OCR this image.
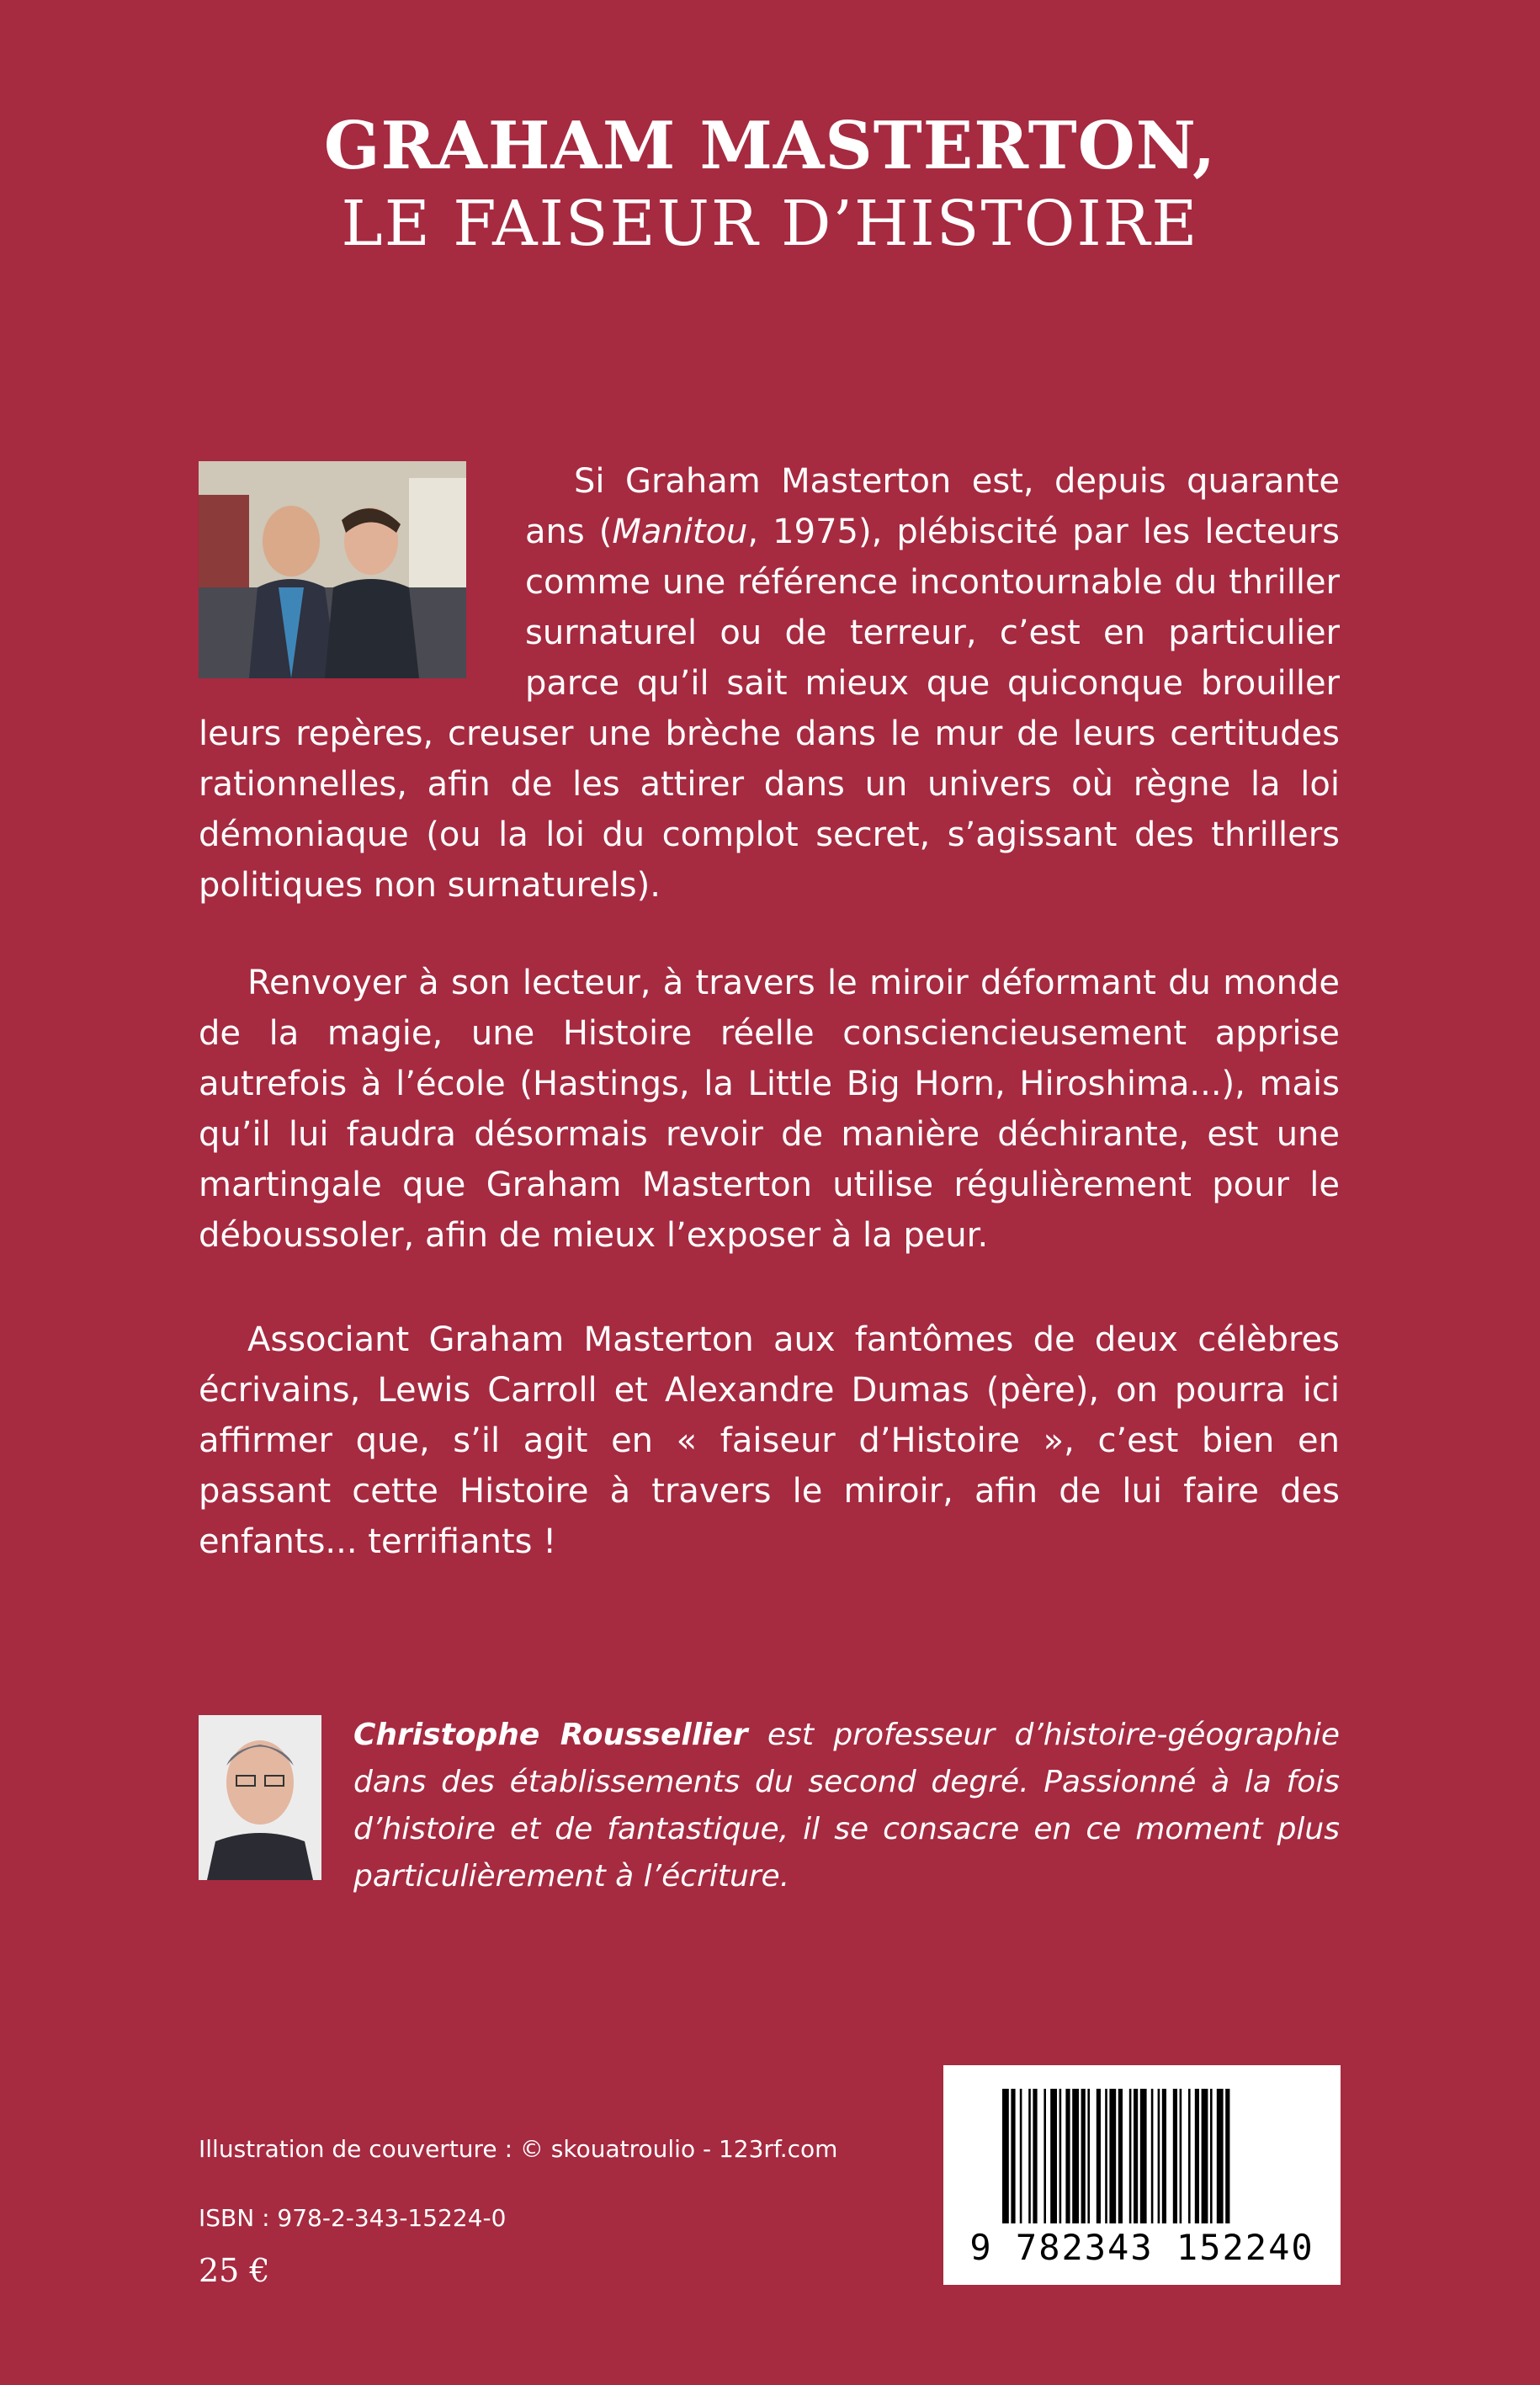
GRAHAM MASTERTON,
LE FAISEUR D’HISTOIRE

Si Graham Masterton est, depuis quarante ans (Manitou, 1975), plébiscité par les lecteurs comme une référence incontournable du thriller surnaturel ou de terreur, c’est en particulier parce qu’il sait mieux que quiconque brouiller leurs repères, creuser une brèche dans le mur de leurs certitudes rationnelles, afin de les attirer dans un univers où règne la loi démoniaque (ou la loi du complot secret, s’agissant des thrillers politiques non surnaturels).

Renvoyer à son lecteur, à travers le miroir déformant du monde de la magie, une Histoire réelle consciencieusement apprise autrefois à l’école (Hastings, la Little Big Horn, Hiroshima...), mais qu’il lui faudra désormais revoir de manière déchirante, est une martingale que Graham Masterton utilise régulièrement pour le déboussoler, afin de mieux l’exposer à la peur.

Associant Graham Masterton aux fantômes de deux célèbres écrivains, Lewis Carroll et Alexandre Dumas (père), on pourra ici affirmer que, s’il agit en « faiseur d’Histoire », c’est bien en passant cette Histoire à travers le miroir, afin de lui faire des enfants... terrifiants !

Christophe Roussellier est professeur d’histoire-géographie dans des établissements du second degré. Passionné à la fois d’histoire et de fantastique, il se consacre en ce moment plus particulièrement à l’écriture.
Illustration de couverture : © skouatroulio - 123rf.com
ISBN : 978-2-343-15224-0
25 €
9 782343 152240
